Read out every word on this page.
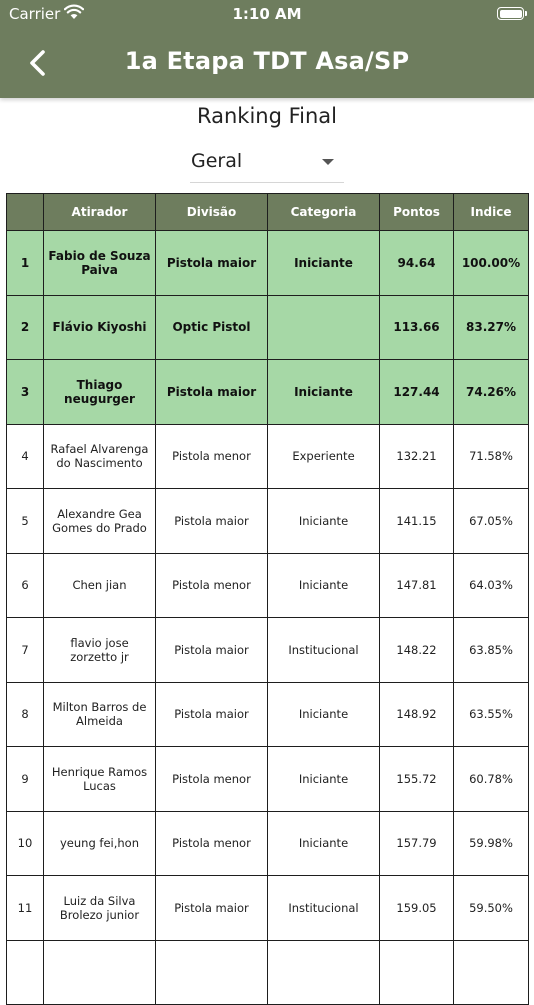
Carrier	1:10 AM
1a Etapa TDT Asa/SP
Ranking Final
Geral
	Atirador	Divisão	Categoria	Pontos	Indice
1	Fabio de Souza Paiva	Pistola maior	Iniciante	94.64	100.00%
2	Flávio Kiyoshi	Optic Pistol		113.66	83.27%
3	Thiago neugurger	Pistola maior	Iniciante	127.44	74.26%
4	Rafael Alvarenga do Nascimento	Pistola menor	Experiente	132.21	71.58%
5	Alexandre Gea Gomes do Prado	Pistola maior	Iniciante	141.15	67.05%
6	Chen jian	Pistola menor	Iniciante	147.81	64.03%
7	flavio jose zorzetto jr	Pistola maior	Institucional	148.22	63.85%
8	Milton Barros de Almeida	Pistola maior	Iniciante	148.92	63.55%
9	Henrique Ramos Lucas	Pistola menor	Iniciante	155.72	60.78%
10	yeung fei,hon	Pistola menor	Iniciante	157.79	59.98%
11	Luiz da Silva Brolezo junior	Pistola maior	Institucional	159.05	59.50%
